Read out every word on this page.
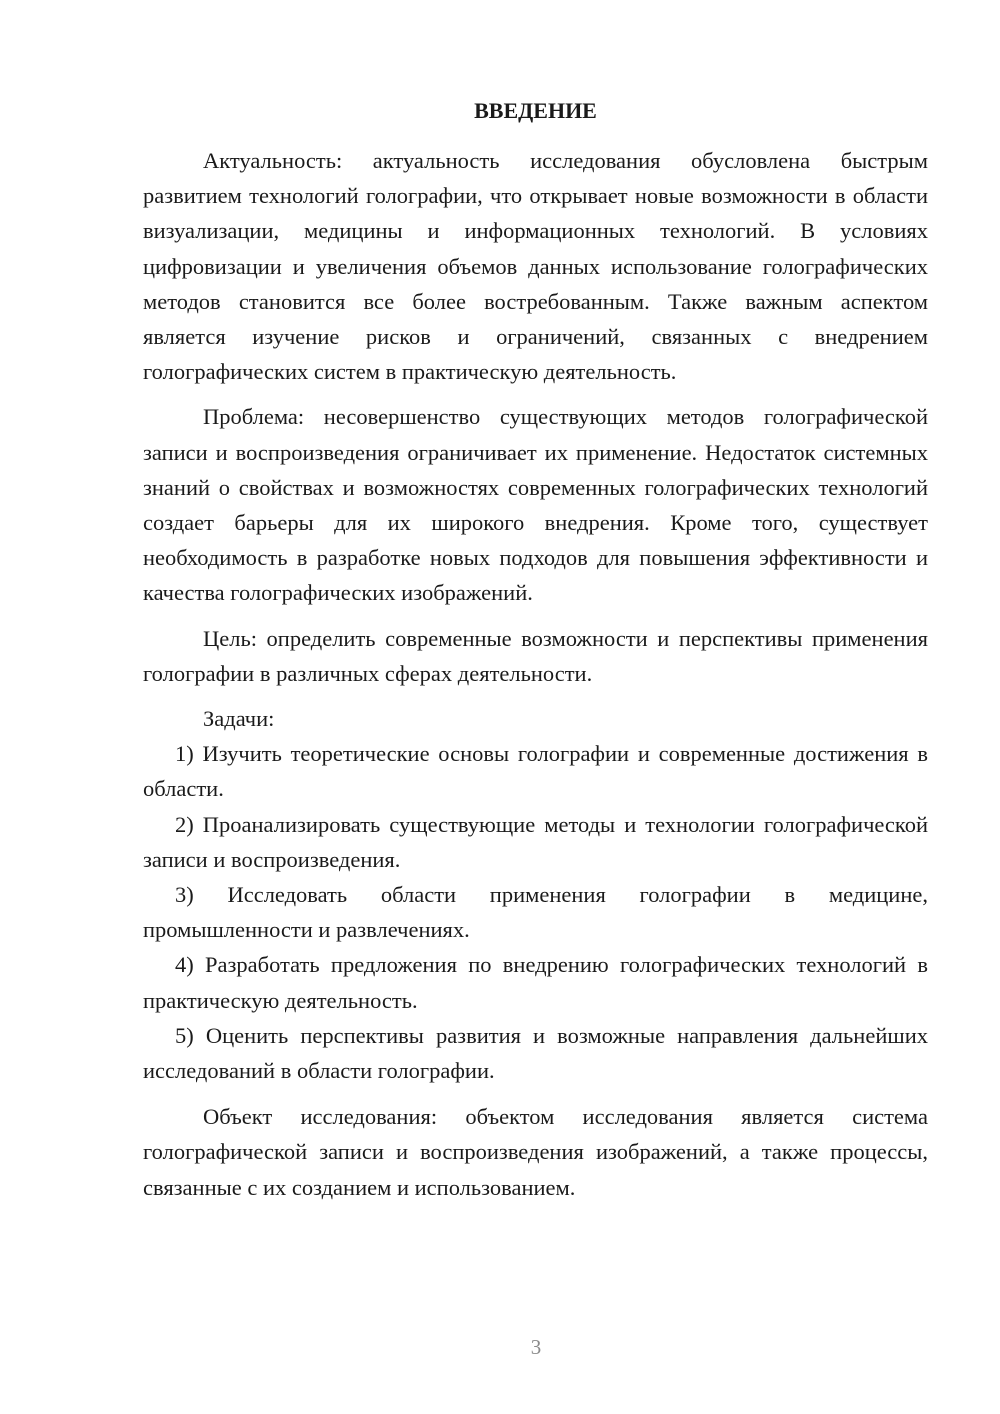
ВВЕДЕНИЕ

Актуальность: актуальность исследования обусловлена быстрым развитием технологий голографии, что открывает новые возможности в области визуализации, медицины и информационных технологий. В условиях цифровизации и увеличения объемов данных использование голографических методов становится все более востребованным. Также важным аспектом является изучение рисков и ограничений, связанных с внедрением голографических систем в практическую деятельность.

Проблема: несовершенство существующих методов голографической записи и воспроизведения ограничивает их применение. Недостаток системных знаний о свойствах и возможностях современных голографических технологий создает барьеры для их широкого внедрения. Кроме того, существует необходимость в разработке новых подходов для повышения эффективности и качества голографических изображений.

Цель: определить современные возможности и перспективы применения голографии в различных сферах деятельности.

Задачи:

1) Изучить теоретические основы голографии и современные достижения в области.

2) Проанализировать существующие методы и технологии голографической записи и воспроизведения.

3) Исследовать области применения голографии в медицине, промышленности и развлечениях.

4) Разработать предложения по внедрению голографических технологий в практическую деятельность.

5) Оценить перспективы развития и возможные направления дальнейших исследований в области голографии.

Объект исследования: объектом исследования является система голографической записи и воспроизведения изображений, а также процессы, связанные с их созданием и использованием.

3
